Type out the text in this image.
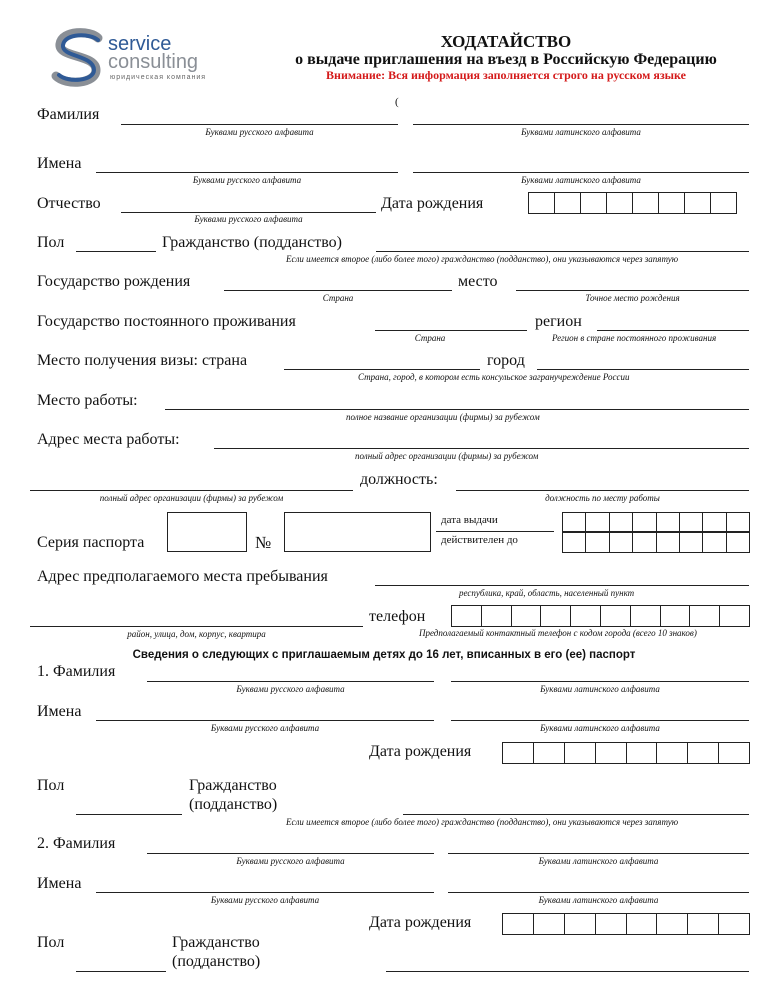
service
consulting
юридическая компания
ХОДАТАЙСТВО
о выдаче приглашения на въезд в Российскую Федерацию
Внимание: Вся информация заполняется строго на русском языке
(
Фамилия
Буквами русского алфавита	Буквами латинского алфавита
Имена
Буквами русского алфавита	Буквами латинского алфавита
Отчество
Буквами русского алфавита
Дата рождения
Пол	Гражданство (подданство)
Если имеется второе (либо более того) гражданство (подданство), они указываются через запятую
Государство рождения
Страна
место
Точное место рождения
Государство постоянного проживания
Страна
регион
Регион в стране постоянного проживания
Место получения визы: страна	город
Страна, город, в котором есть консульское загранучреждение России
Место работы:
полное название организации (фирмы) за рубежом
Адрес места работы:
полный адрес организации (фирмы) за рубежом
полный адрес организации (фирмы) за рубежом
должность:
должность по месту работы
Серия паспорта	№
дата выдачи
действителен до
Адрес предполагаемого места пребывания
республика, край, область, населенный пункт
район, улица, дом, корпус, квартира
телефон
Предполагаемый контактный телефон с кодом города (всего 10 знаков)
Сведения о следующих с приглашаемым детях до 16 лет, вписанных в его (ее) паспорт
1. Фамилия
Буквами русского алфавита	Буквами латинского алфавита
Имена
Буквами русского алфавита	Буквами латинского алфавита
Дата рождения
Пол	Гражданство
(подданство)
Если имеется второе (либо более того) гражданство (подданство), они указываются через запятую
2. Фамилия
Буквами русского алфавита	Буквами латинского алфавита
Имена
Буквами русского алфавита	Буквами латинского алфавита
Дата рождения
Пол	Гражданство
(подданство)
